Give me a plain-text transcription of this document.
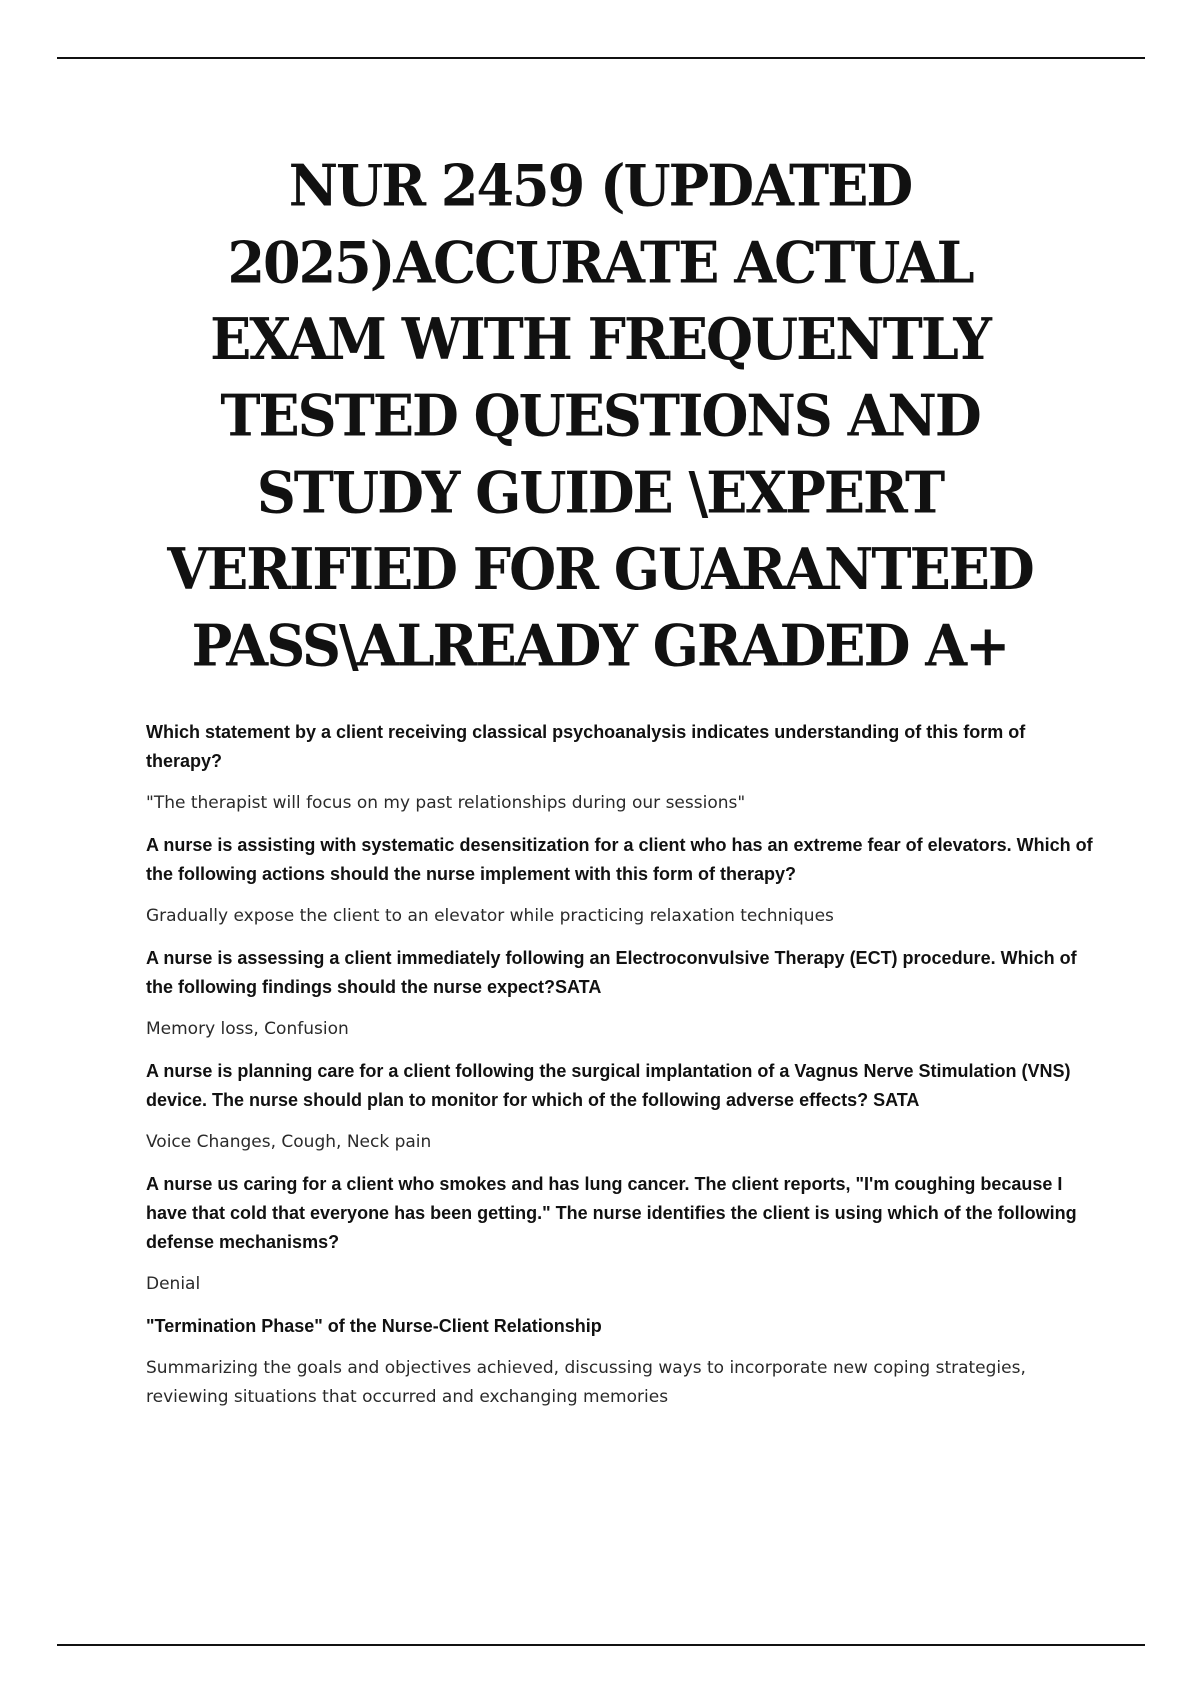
NUR 2459 (UPDATED
2025)ACCURATE ACTUAL
EXAM WITH FREQUENTLY
TESTED QUESTIONS AND
STUDY GUIDE \EXPERT
VERIFIED FOR GUARANTEED
PASS\ALREADY GRADED A+

Which statement by a client receiving classical psychoanalysis indicates understanding of this form of therapy?

"The therapist will focus on my past relationships during our sessions"

A nurse is assisting with systematic desensitization for a client who has an extreme fear of elevators. Which of the following actions should the nurse implement with this form of therapy?

Gradually expose the client to an elevator while practicing relaxation techniques

A nurse is assessing a client immediately following an Electroconvulsive Therapy (ECT) procedure. Which of the following findings should the nurse expect?SATA

Memory loss, Confusion

A nurse is planning care for a client following the surgical implantation of a Vagnus Nerve Stimulation (VNS) device. The nurse should plan to monitor for which of the following adverse effects? SATA

Voice Changes, Cough, Neck pain

A nurse us caring for a client who smokes and has lung cancer. The client reports, "I'm coughing because I have that cold that everyone has been getting." The nurse identifies the client is using which of the following defense mechanisms?

Denial

"Termination Phase" of the Nurse-Client Relationship

Summarizing the goals and objectives achieved, discussing ways to incorporate new coping strategies, reviewing situations that occurred and exchanging memories
